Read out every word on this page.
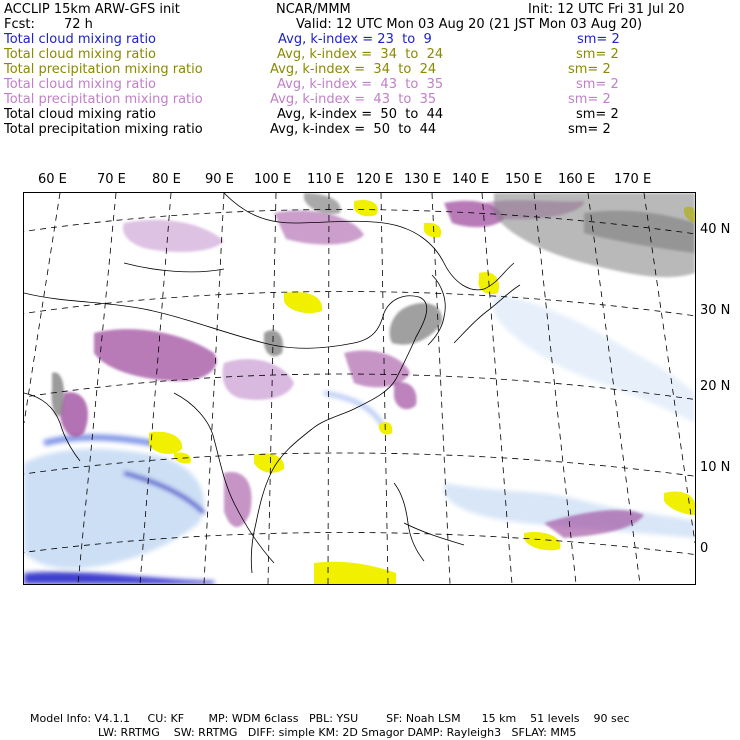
ACCLIP 15km ARW-GFS init	NCAR/MMM	Init: 12 UTC Fri 31 Jul 20
Fcst: 72 h	Valid: 12 UTC Mon 03 Aug 20 (21 JST Mon 03 Aug 20)
Total cloud mixing ratio	Avg, k-index = 23 to 9	sm= 2
Total cloud mixing ratio	Avg, k-index = 34 to 24	sm= 2
Total precipitation mixing ratio	Avg, k-index = 34 to 24	sm= 2
Total cloud mixing ratio	Avg, k-index = 43 to 35	sm= 2
Total precipitation mixing ratio	Avg, k-index = 43 to 35	sm= 2
Total cloud mixing ratio	Avg, k-index = 50 to 44	sm= 2
Total precipitation mixing ratio	Avg, k-index = 50 to 44	sm= 2
60 E 70 E 80 E 90 E 100 E 110 E 120 E 130 E 140 E 150 E 160 E 170 E
40 N
30 N
20 N
10 N
0
Model Info: V4.1.1     CU: KF       MP: WDM 6class   PBL: YSU        SF: Noah LSM      15 km    51 levels    90 sec
LW: RRTMG    SW: RRTMG   DIFF: simple KM: 2D Smagor DAMP: Rayleigh3   SFLAY: MM5
